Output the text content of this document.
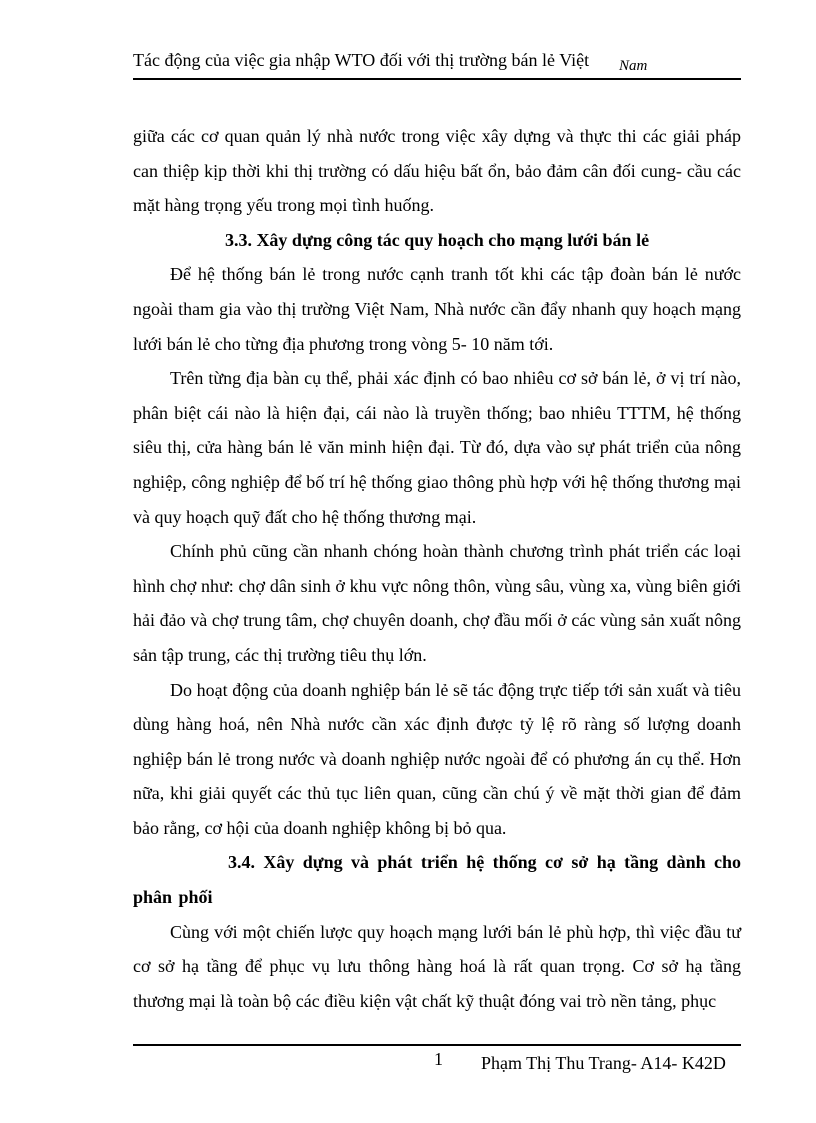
Tác động của việc gia nhập WTO đối với thị trường bán lẻ Việt Nam

giữa các cơ quan quản lý nhà nước trong việc xây dựng và thực thi các giải pháp can thiệp kịp thời khi thị trường có dấu hiệu bất ổn, bảo đảm cân đối cung- cầu các mặt hàng trọng yếu trong mọi tình huống.

3.3. Xây dựng công tác quy hoạch cho mạng lưới bán lẻ

Để hệ thống bán lẻ trong nước cạnh tranh tốt khi các tập đoàn bán lẻ nước ngoài tham gia vào thị trường Việt Nam, Nhà nước cần đẩy nhanh quy hoạch mạng lưới bán lẻ cho từng địa phương trong vòng 5- 10 năm tới.

Trên từng địa bàn cụ thể, phải xác định có bao nhiêu cơ sở bán lẻ, ở vị trí nào, phân biệt cái nào là hiện đại, cái nào là truyền thống; bao nhiêu TTTM, hệ thống siêu thị, cửa hàng bán lẻ văn minh hiện đại. Từ đó, dựa vào sự phát triển của nông nghiệp, công nghiệp để bố trí hệ thống giao thông phù hợp với hệ thống thương mại và quy hoạch quỹ đất cho hệ thống thương mại.

Chính phủ cũng cần nhanh chóng hoàn thành chương trình phát triển các loại hình chợ như: chợ dân sinh ở khu vực nông thôn, vùng sâu, vùng xa, vùng biên giới hải đảo và chợ trung tâm, chợ chuyên doanh, chợ đầu mối ở các vùng sản xuất nông sản tập trung, các thị trường tiêu thụ lớn.

Do hoạt động của doanh nghiệp bán lẻ sẽ tác động trực tiếp tới sản xuất và tiêu dùng hàng hoá, nên Nhà nước cần xác định được tỷ lệ rõ ràng số lượng doanh nghiệp bán lẻ trong nước và doanh nghiệp nước ngoài để có phương án cụ thể. Hơn nữa, khi giải quyết các thủ tục liên quan, cũng cần chú ý về mặt thời gian để đảm bảo rằng, cơ hội của doanh nghiệp không bị bỏ qua.

3.4. Xây dựng và phát triển hệ thống cơ sở hạ tầng dành cho phân phối

Cùng với một chiến lược quy hoạch mạng lưới bán lẻ phù hợp, thì việc đầu tư cơ sở hạ tầng để phục vụ lưu thông hàng hoá là rất quan trọng. Cơ sở hạ tầng thương mại là toàn bộ các điều kiện vật chất kỹ thuật đóng vai trò nền tảng, phục

1 Phạm Thị Thu Trang- A14- K42D
